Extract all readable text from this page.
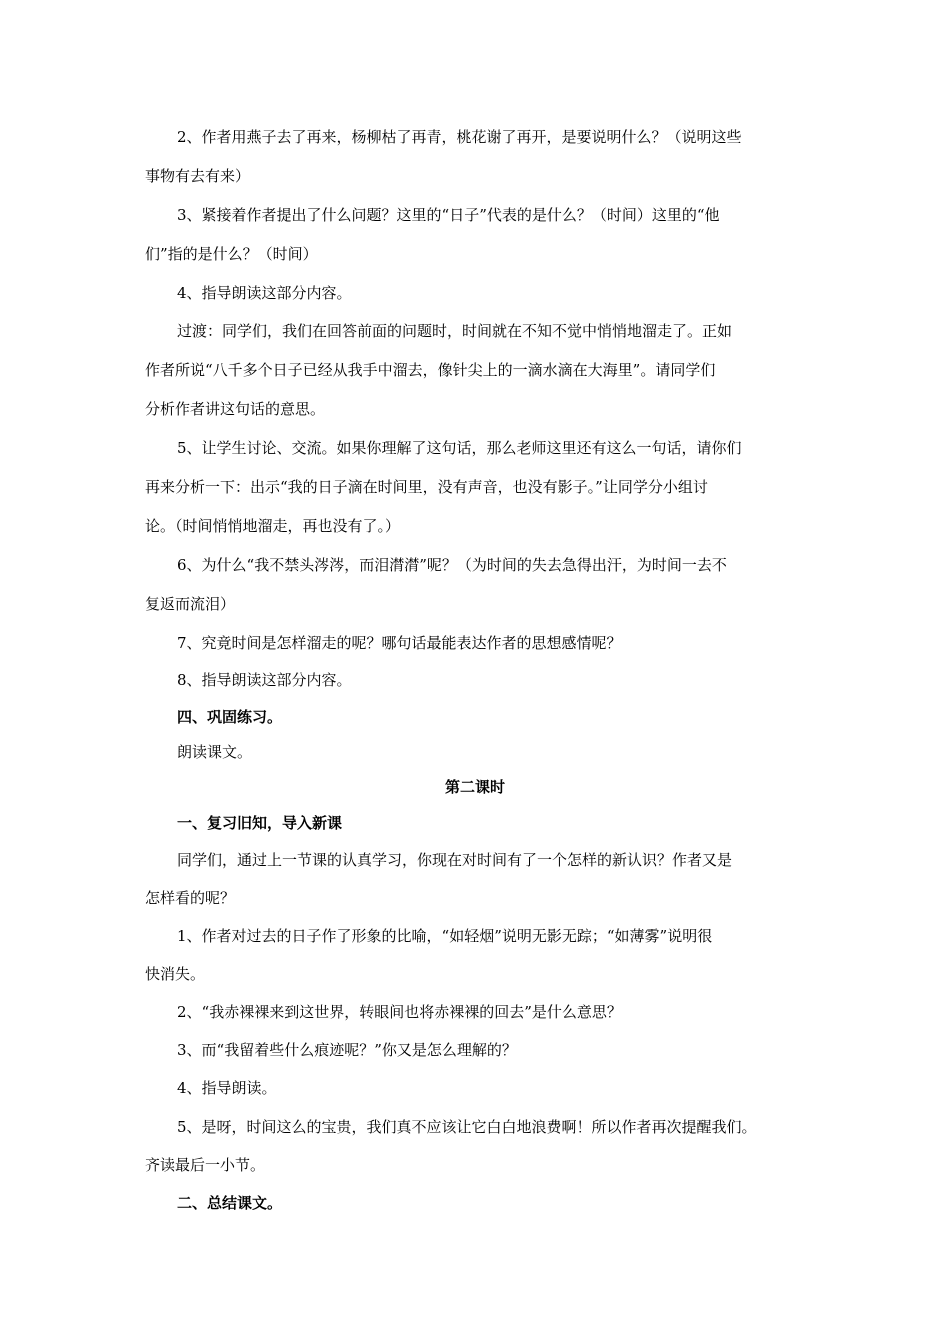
2、作者用燕子去了再来，杨柳枯了再青，桃花谢了再开，是要说明什么？（说明这些
事物有去有来）
3、紧接着作者提出了什么问题？这里的“日子”代表的是什么？（时间）这里的“他
们”指的是什么？（时间）
4、指导朗读这部分内容。
过渡：同学们，我们在回答前面的问题时，时间就在不知不觉中悄悄地溜走了。正如
作者所说“八千多个日子已经从我手中溜去，像针尖上的一滴水滴在大海里”。请同学们
分析作者讲这句话的意思。
5、让学生讨论、交流。如果你理解了这句话，那么老师这里还有这么一句话，请你们
再来分析一下：出示“我的日子滴在时间里，没有声音，也没有影子。”让同学分小组讨
论。（时间悄悄地溜走，再也没有了。）
6、为什么“我不禁头涔涔，而泪潸潸”呢？（为时间的失去急得出汗，为时间一去不
复返而流泪）
7、究竟时间是怎样溜走的呢？哪句话最能表达作者的思想感情呢？
8、指导朗读这部分内容。
四、巩固练习。
朗读课文。
第二课时
一、复习旧知，导入新课
同学们，通过上一节课的认真学习，你现在对时间有了一个怎样的新认识？作者又是
怎样看的呢？
1、作者对过去的日子作了形象的比喻，“如轻烟”说明无影无踪；“如薄雾”说明很
快消失。
2、“我赤裸裸来到这世界，转眼间也将赤裸裸的回去”是什么意思？
3、而“我留着些什么痕迹呢？”你又是怎么理解的？
4、指导朗读。
5、是呀，时间这么的宝贵，我们真不应该让它白白地浪费啊！所以作者再次提醒我们。
齐读最后一小节。
二、总结课文。
